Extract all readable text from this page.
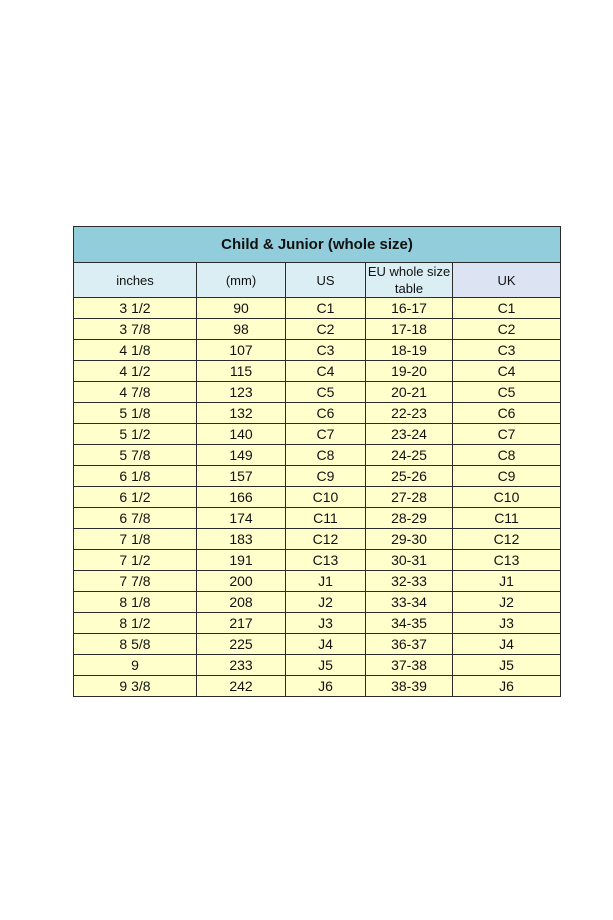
Child & Junior (whole size)				
inches	(mm)	US	EU whole size table	UK
3 1/2	90	C1	16-17	C1
3 7/8	98	C2	17-18	C2
4 1/8	107	C3	18-19	C3
4 1/2	115	C4	19-20	C4
4 7/8	123	C5	20-21	C5
5 1/8	132	C6	22-23	C6
5 1/2	140	C7	23-24	C7
5 7/8	149	C8	24-25	C8
6 1/8	157	C9	25-26	C9
6 1/2	166	C10	27-28	C10
6 7/8	174	C11	28-29	C11
7 1/8	183	C12	29-30	C12
7 1/2	191	C13	30-31	C13
7 7/8	200	J1	32-33	J1
8 1/8	208	J2	33-34	J2
8 1/2	217	J3	34-35	J3
8 5/8	225	J4	36-37	J4
9	233	J5	37-38	J5
9 3/8	242	J6	38-39	J6
